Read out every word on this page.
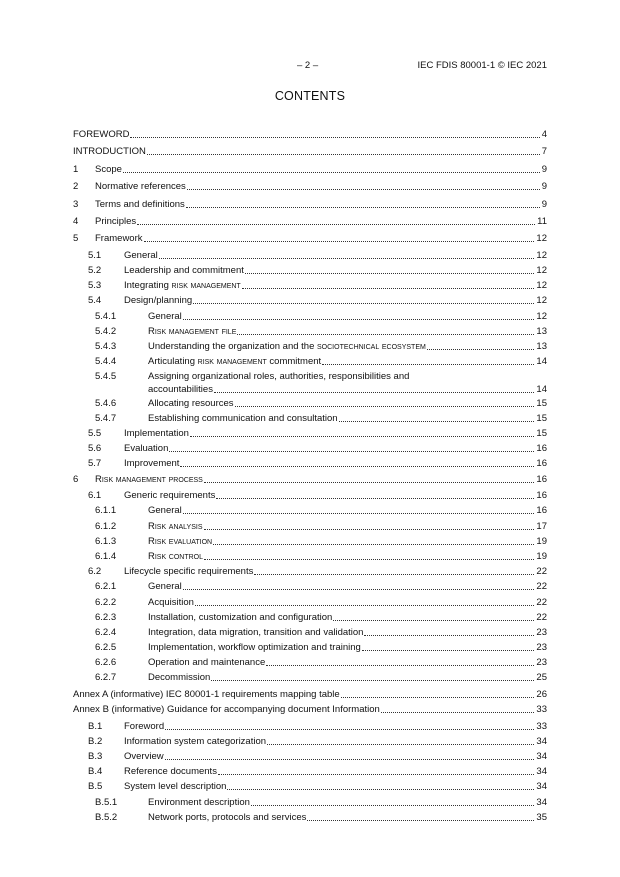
– 2 –	IEC FDIS 80001-1 © IEC 2021
CONTENTS
FOREWORD	4
INTRODUCTION	7
1 Scope	9
2 Normative references	9
3 Terms and definitions	9
4 Principles	11
5 Framework	12
5.1 General	12
5.2 Leadership and commitment	12
5.3 Integrating risk management	12
5.4 Design/planning	12
5.4.1	General	12
5.4.2	Risk management file	13
5.4.3	Understanding the organization and the sociotechnical ecosystem	13
5.4.4	Articulating risk management commitment	14
5.4.5	Assigning organizational roles, authorities, responsibilities and
accountabilities	14
5.4.6	Allocating resources	15
5.4.7	Establishing communication and consultation	15
5.5 Implementation	15
5.6 Evaluation	16
5.7 Improvement	16
6 Risk management process	16
6.1 Generic requirements	16
6.1.1	General	16
6.1.2	Risk analysis	17
6.1.3	Risk evaluation	19
6.1.4	Risk control	19
6.2 Lifecycle specific requirements	22
6.2.1	General	22
6.2.2	Acquisition	22
6.2.3	Installation, customization and configuration	22
6.2.4	Integration, data migration, transition and validation	23
6.2.5	Implementation, workflow optimization and training	23
6.2.6	Operation and maintenance	23
6.2.7	Decommission	25
Annex A (informative) IEC 80001-1 requirements mapping table	26
Annex B (informative) Guidance for accompanying document Information	33
B.1 Foreword	33
B.2 Information system categorization	34
B.3 Overview	34
B.4 Reference documents	34
B.5 System level description	34
B.5.1	Environment description	34
B.5.2	Network ports, protocols and services	35
